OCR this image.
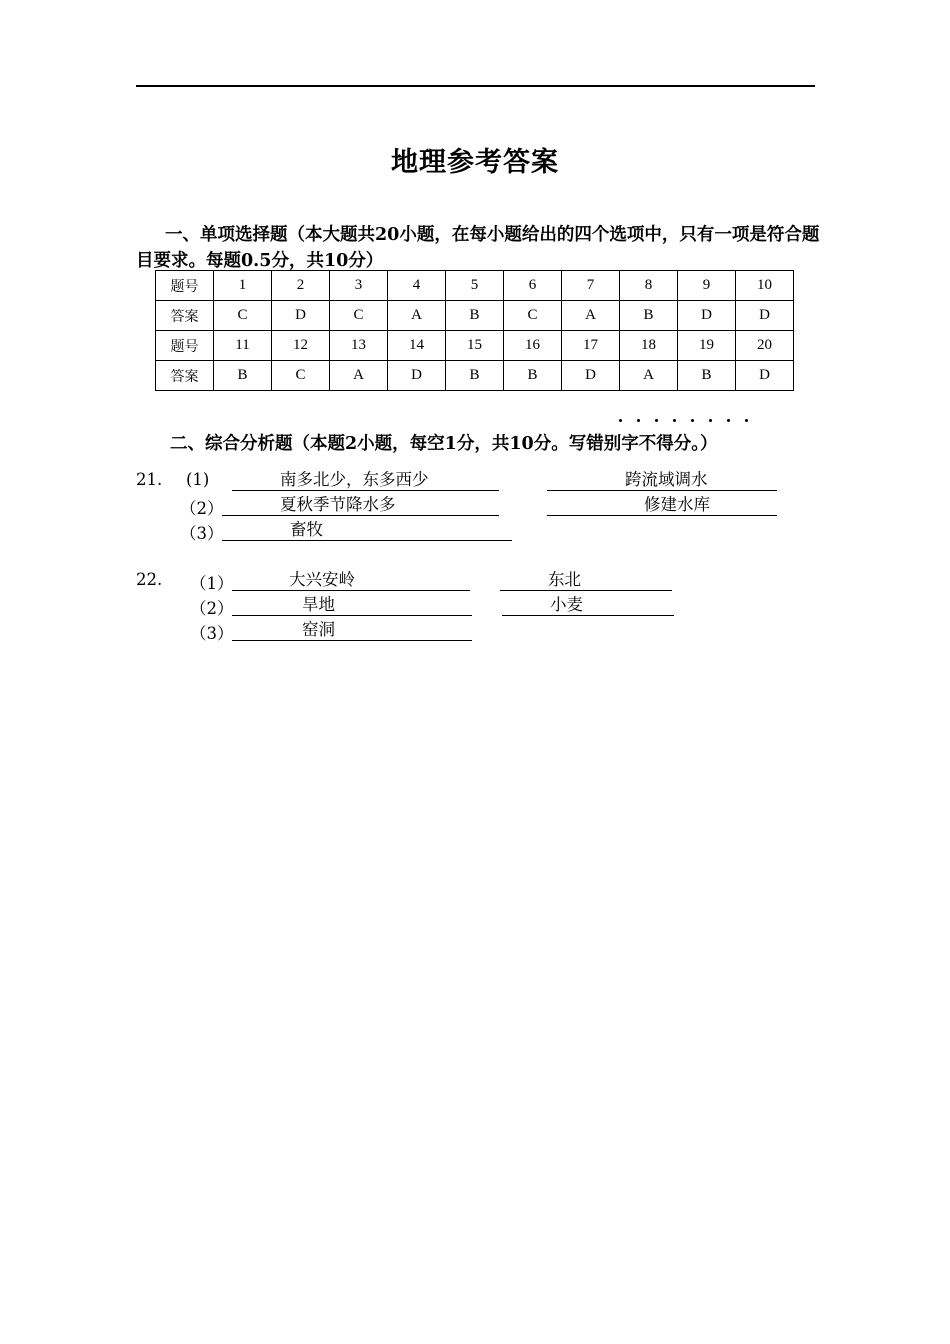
地理参考答案
一、单项选择题（本大题共20小题，在每小题给出的四个选项中，只有一项是符合题目要求。每题0.5分，共10分）
题号	1	2	3	4	5	6	7	8	9	10
答案	C	D	C	A	B	C	A	B	D	D
题号	11	12	13	14	15	16	17	18	19	20
答案	B	C	A	D	B	B	D	A	B	D
二、综合分析题（本题2小题，每空1分，共10分。写错别字不得分。）
21. (1)	南多北少，东多西少	跨流域调水
（2）	夏秋季节降水多	修建水库
（3）	畜牧
22. （1）	大兴安岭	东北
（2）	旱地	小麦
（3）	窑洞
